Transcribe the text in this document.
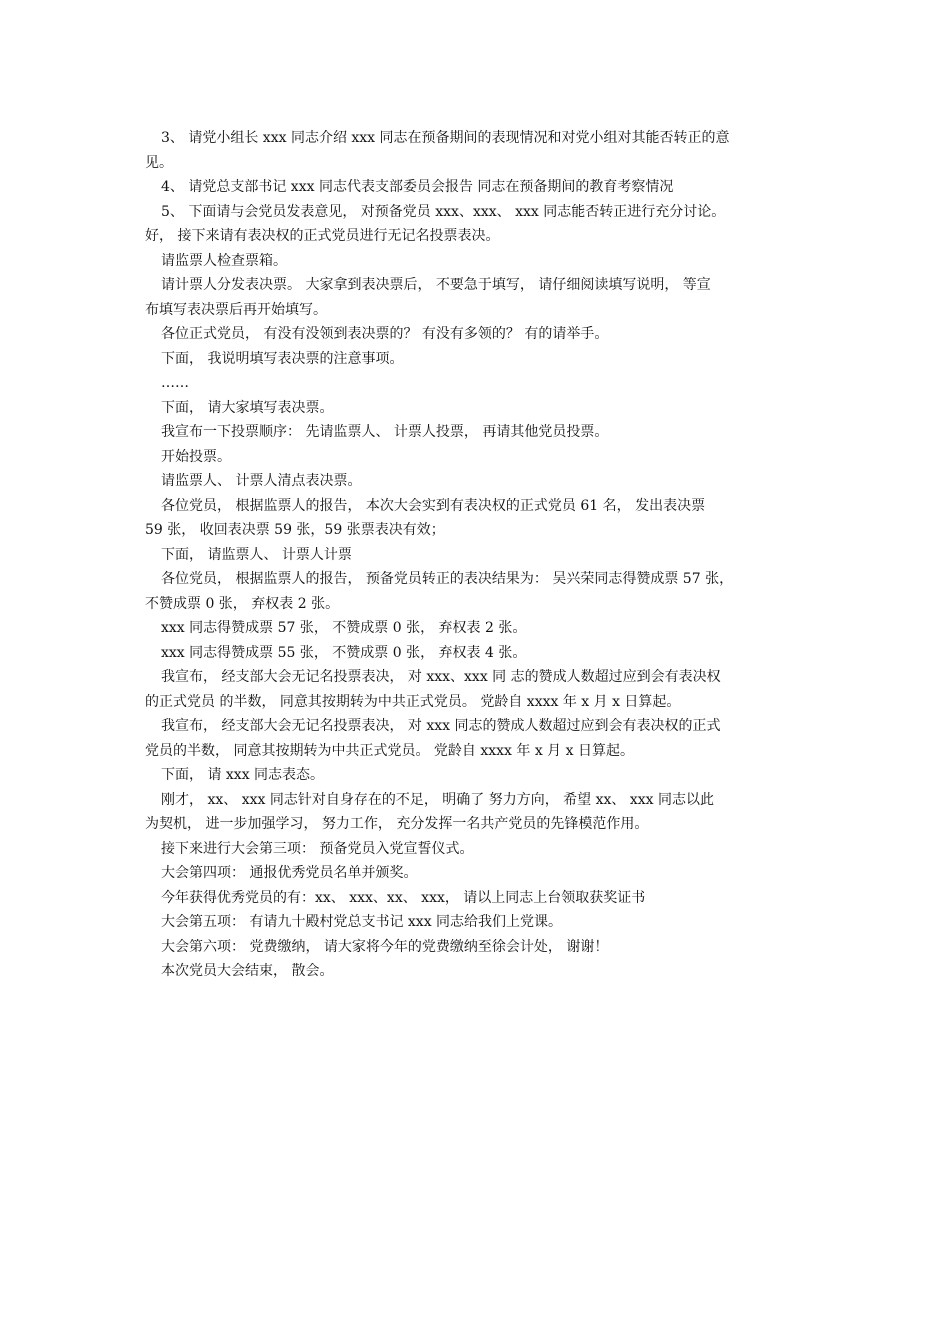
3、 请党小组长 xxx 同志介绍 xxx 同志在预备期间的表现情况和对党小组对其能否转正的意
见。
4、 请党总支部书记 xxx 同志代表支部委员会报告 同志在预备期间的教育考察情况
5、 下面请与会党员发表意见， 对预备党员 xxx、xxx、 xxx 同志能否转正进行充分讨论。
好， 接下来请有表决权的正式党员进行无记名投票表决。
请监票人检查票箱。
请计票人分发表决票。 大家拿到表决票后， 不要急于填写， 请仔细阅读填写说明， 等宣
布填写表决票后再开始填写。
各位正式党员， 有没有没领到表决票的？ 有没有多领的？ 有的请举手。
下面， 我说明填写表决票的注意事项。
……
下面， 请大家填写表决票。
我宣布一下投票顺序： 先请监票人、 计票人投票， 再请其他党员投票。
开始投票。
请监票人、 计票人清点表决票。
各位党员， 根据监票人的报告， 本次大会实到有表决权的正式党员 61 名， 发出表决票
59 张， 收回表决票 59 张，59 张票表决有效；
下面， 请监票人、 计票人计票
各位党员， 根据监票人的报告， 预备党员转正的表决结果为： 吴兴荣同志得赞成票 57 张，
不赞成票 0 张， 弃权表 2 张。
xxx 同志得赞成票 57 张， 不赞成票 0 张， 弃权表 2 张。
xxx 同志得赞成票 55 张， 不赞成票 0 张， 弃权表 4 张。
我宣布， 经支部大会无记名投票表决， 对 xxx、xxx 同 志的赞成人数超过应到会有表决权
的正式党员 的半数， 同意其按期转为中共正式党员。 党龄自 xxxx 年 x 月 x 日算起。
我宣布， 经支部大会无记名投票表决， 对 xxx 同志的赞成人数超过应到会有表决权的正式
党员的半数， 同意其按期转为中共正式党员。 党龄自 xxxx 年 x 月 x 日算起。
下面， 请 xxx 同志表态。
刚才， xx、 xxx 同志针对自身存在的不足， 明确了 努力方向， 希望 xx、 xxx 同志以此
为契机， 进一步加强学习， 努力工作， 充分发挥一名共产党员的先锋模范作用。
接下来进行大会第三项： 预备党员入党宣誓仪式。
大会第四项： 通报优秀党员名单并颁奖。
今年获得优秀党员的有：xx、 xxx、xx、 xxx， 请以上同志上台领取获奖证书
大会第五项： 有请九十殿村党总支书记 xxx 同志给我们上党课。
大会第六项： 党费缴纳， 请大家将今年的党费缴纳至徐会计处， 谢谢！
本次党员大会结束， 散会。
